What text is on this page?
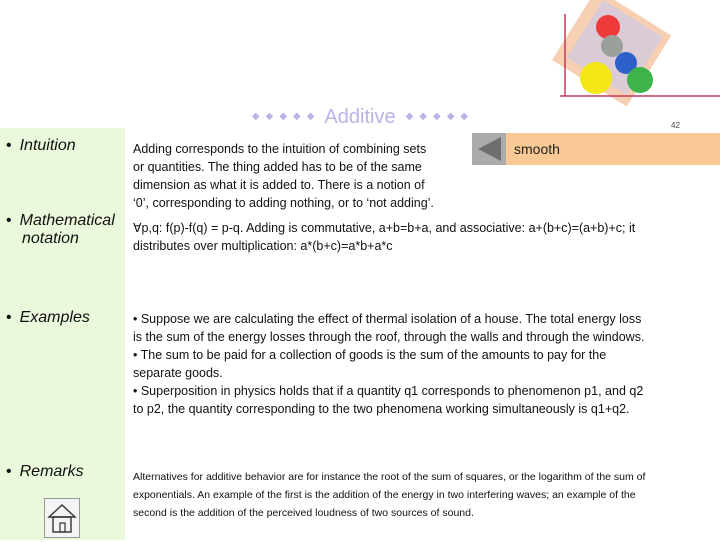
◆ ◆ ◆ ◆ ◆ Additive	◆ ◆ ◆ ◆ ◆
42
smooth
• Intuition	Adding corresponds to the intuition of combining sets
or quantities. The thing added has to be of the same
dimension as what it is added to. There is a notion of
‘0’, corresponding to adding nothing, or to ‘not adding’.
• Mathematical
notation
∀p,q: f(p)-f(q) = p-q. Adding is commutative, a+b=b+a, and associative: a+(b+c)=(a+b)+c; it
distributes over multiplication: a*(b+c)=a*b+a*c
• Examples	• Suppose we are calculating the effect of thermal isolation of a house. The total energy loss
is the sum of the energy losses through the roof, through the walls and through the windows.
• The sum to be paid for a collection of goods is the sum of the amounts to pay for the
separate goods.
• Superposition in physics holds that if a quantity q1 corresponds to phenomenon p1, and q2
to p2, the quantity corresponding to the two phenomena working simultaneously is q1+q2.
• Remarks	Alternatives for additive behavior are for instance the root of the sum of squares, or the logarithm of the sum of
exponentials. An example of the first is the addition of the energy in two interfering waves; an example of the
second is the addition of the perceived loudness of two sources of sound.
